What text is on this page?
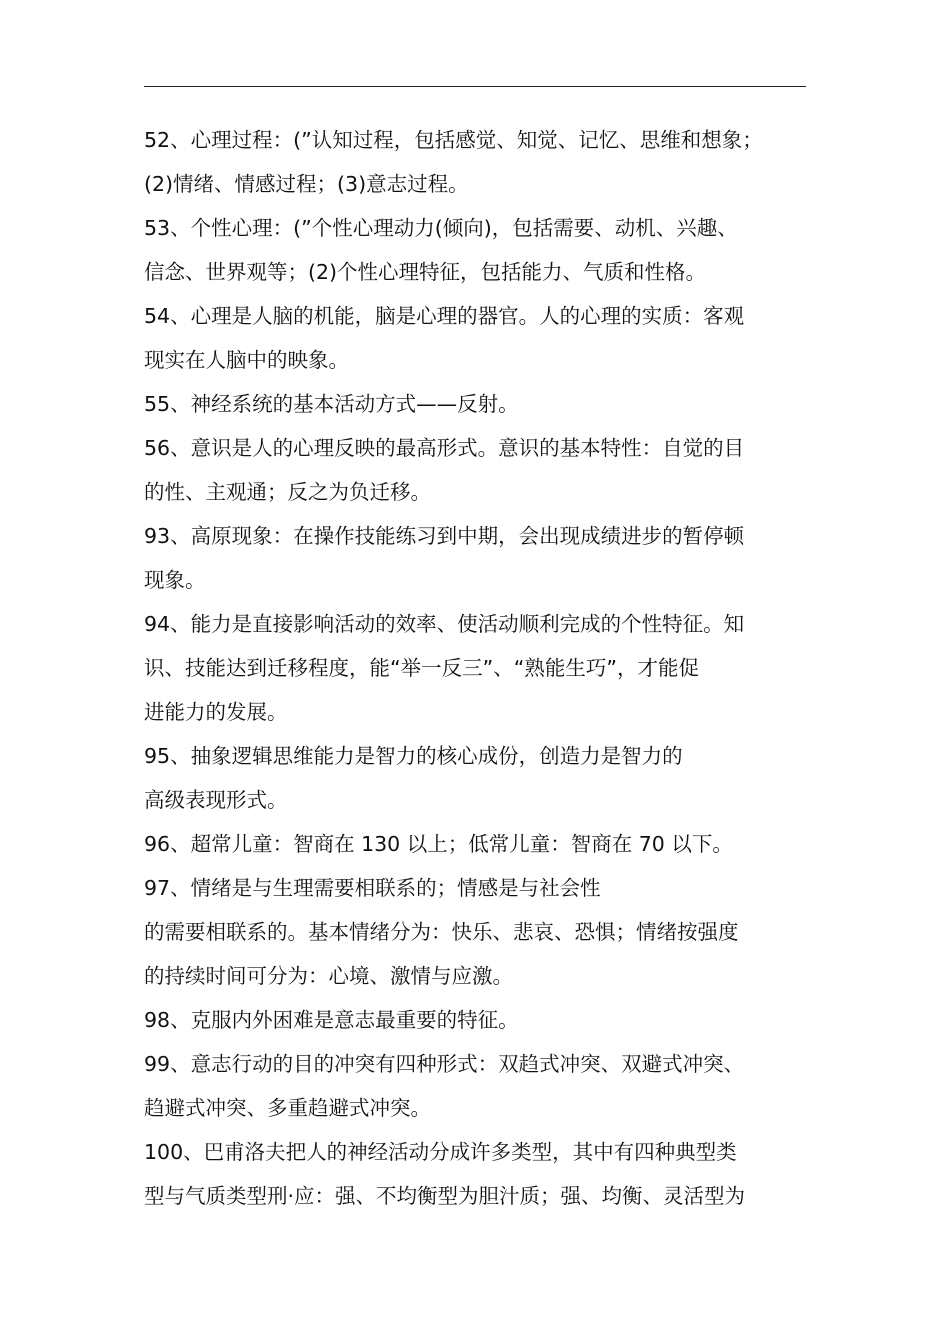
52、心理过程：(”认知过程，包括感觉、知觉、记忆、思维和想象；
(2)情绪、情感过程；(3)意志过程。
53、个性心理：(”个性心理动力(倾向)，包括需要、动机、兴趣、
信念、世界观等；(2)个性心理特征，包括能力、气质和性格。
54、心理是人脑的机能，脑是心理的器官。人的心理的实质：客观
现实在人脑中的映象。
55、神经系统的基本活动方式——反射。
56、意识是人的心理反映的最高形式。意识的基本特性：自觉的目
的性、主观通；反之为负迁移。
93、高原现象：在操作技能练习到中期，会出现成绩进步的暂停顿
现象。
94、能力是直接影响活动的效率、使活动顺利完成的个性特征。知
识、技能达到迁移程度，能“举一反三”、“熟能生巧”，才能促
进能力的发展。
95、抽象逻辑思维能力是智力的核心成份，创造力是智力的
高级表现形式。
96、超常儿童：智商在 130 以上；低常儿童：智商在 70 以下。
97、情绪是与生理需要相联系的；情感是与社会性
的需要相联系的。基本情绪分为：快乐、悲哀、恐惧；情绪按强度
的持续时间可分为：心境、激情与应激。
98、克服内外困难是意志最重要的特征。
99、意志行动的目的冲突有四种形式：双趋式冲突、双避式冲突、
趋避式冲突、多重趋避式冲突。
100、巴甫洛夫把人的神经活动分成许多类型，其中有四种典型类
型与气质类型刑·应：强、不均衡型为胆汁质；强、均衡、灵活型为
